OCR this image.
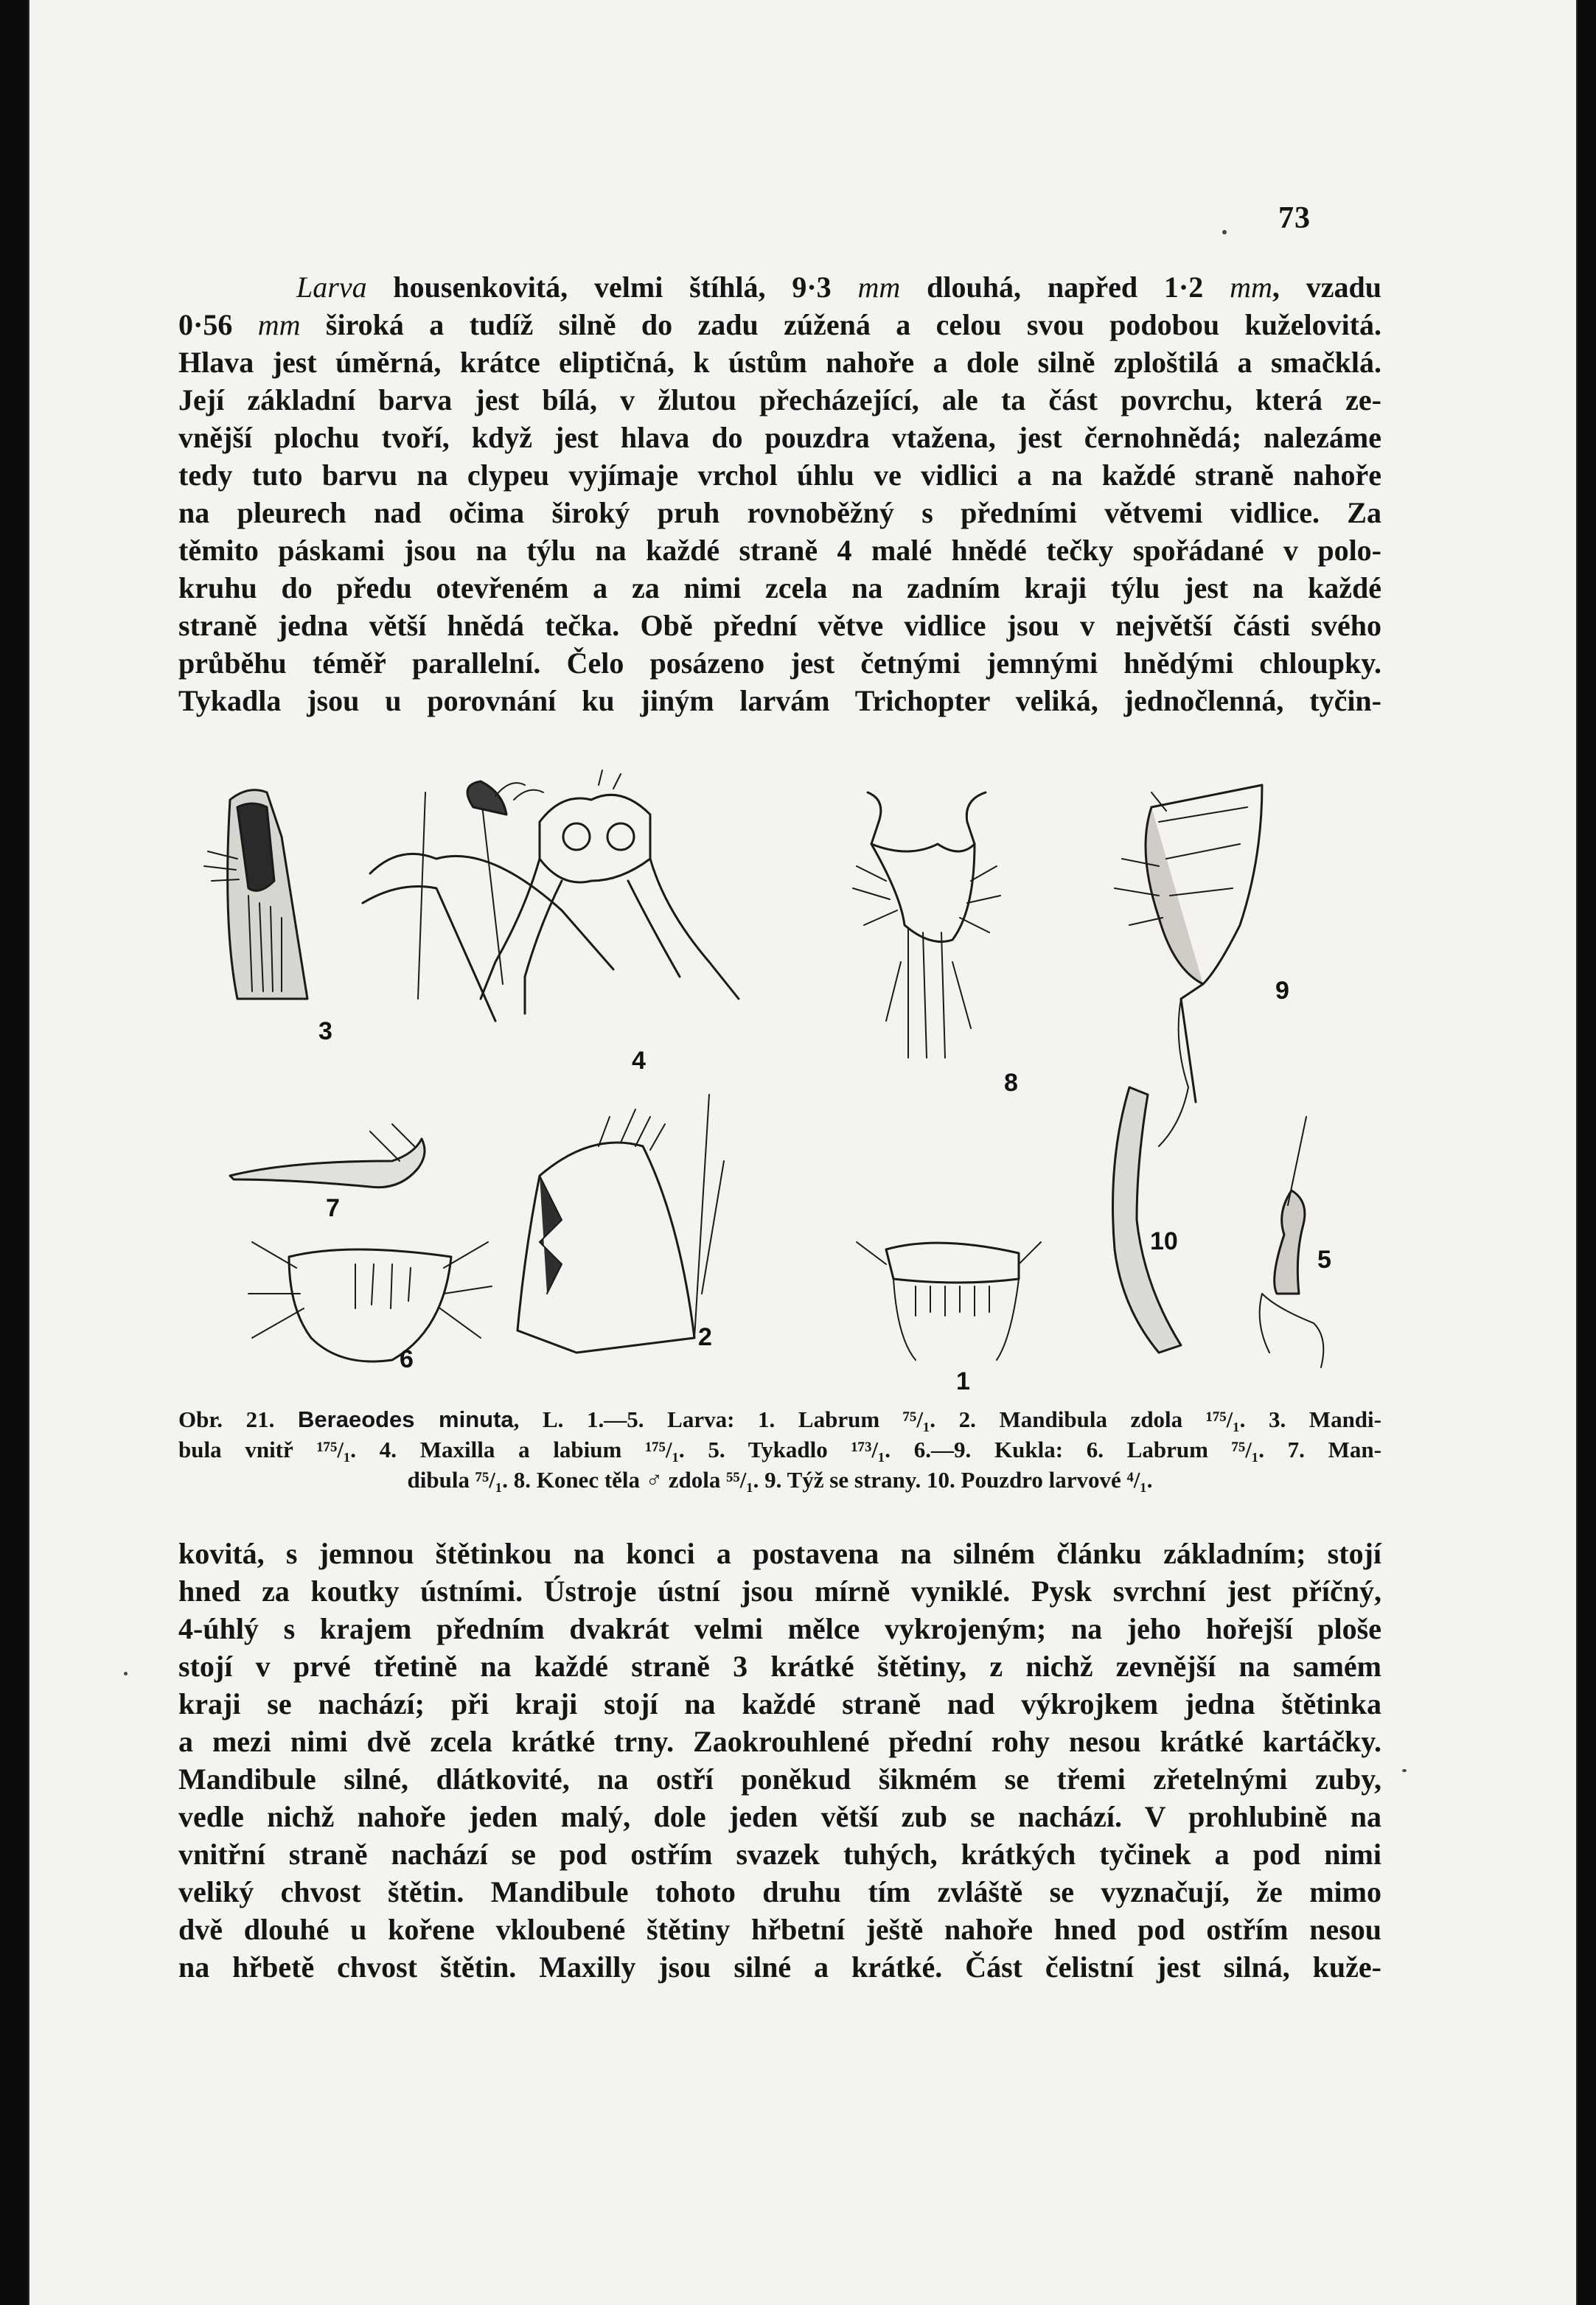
73
Larva housenkovitá, velmi štíhlá, 9·3 mm dlouhá, napřed 1·2 mm, vzadu
0·56 mm široká a tudíž silně do zadu zúžená a celou svou podobou kuželovitá.
Hlava jest úměrná, krátce eliptičná, k ústům nahoře a dole silně zploštilá a smačklá.
Její základní barva jest bílá, v žlutou přecházející, ale ta část povrchu, která ze-
vnější plochu tvoří, když jest hlava do pouzdra vtažena, jest černohnědá; nalezáme
tedy tuto barvu na clypeu vyjímaje vrchol úhlu ve vidlici a na každé straně nahoře
na pleurech nad očima široký pruh rovnoběžný s předními větvemi vidlice. Za
těmito páskami jsou na týlu na každé straně 4 malé hnědé tečky spořádané v polo-
kruhu do předu otevřeném a za nimi zcela na zadním kraji týlu jest na každé
straně jedna větší hnědá tečka. Obě přední větve vidlice jsou v největší části svého
průběhu téměř parallelní. Čelo posázeno jest četnými jemnými hnědými chloupky.
Tykadla jsou u porovnání ku jiným larvám Trichopter veliká, jednočlenná, tyčin-
3
4
8
9
7
6
2
1
10
5
Obr. 21. Beraeodes minuta, L. 1.—5. Larva: 1. Labrum ⁷⁵/₁. 2. Mandibula zdola ¹⁷⁵/₁. 3. Mandi-
bula vnitř ¹⁷⁵/₁. 4. Maxilla a labium ¹⁷⁵/₁. 5. Tykadlo ¹⁷³/₁. 6.—9. Kukla: 6. Labrum ⁷⁵/₁. 7. Man-
dibula ⁷⁵/₁. 8. Konec těla ♂ zdola ⁵⁵/₁. 9. Týž se strany. 10. Pouzdro larvové ⁴/₁.
kovitá, s jemnou štětinkou na konci a postavena na silném článku základním; stojí
hned za koutky ústními. Ústroje ústní jsou mírně vyniklé. Pysk svrchní jest příčný,
4-úhlý s krajem předním dvakrát velmi mělce vykrojeným; na jeho hořejší ploše
stojí v prvé třetině na každé straně 3 krátké štětiny, z nichž zevnější na samém
kraji se nachází; při kraji stojí na každé straně nad výkrojkem jedna štětinka
a mezi nimi dvě zcela krátké trny. Zaokrouhlené přední rohy nesou krátké kartáčky.
Mandibule silné, dlátkovité, na ostří poněkud šikmém se třemi zřetelnými zuby,
vedle nichž nahoře jeden malý, dole jeden větší zub se nachází. V prohlubině na
vnitřní straně nachází se pod ostřím svazek tuhých, krátkých tyčinek a pod nimi
veliký chvost štětin. Mandibule tohoto druhu tím zvláště se vyznačují, že mimo
dvě dlouhé u kořene vkloubené štětiny hřbetní ještě nahoře hned pod ostřím nesou
na hřbetě chvost štětin. Maxilly jsou silné a krátké. Část čelistní jest silná, kuže-
